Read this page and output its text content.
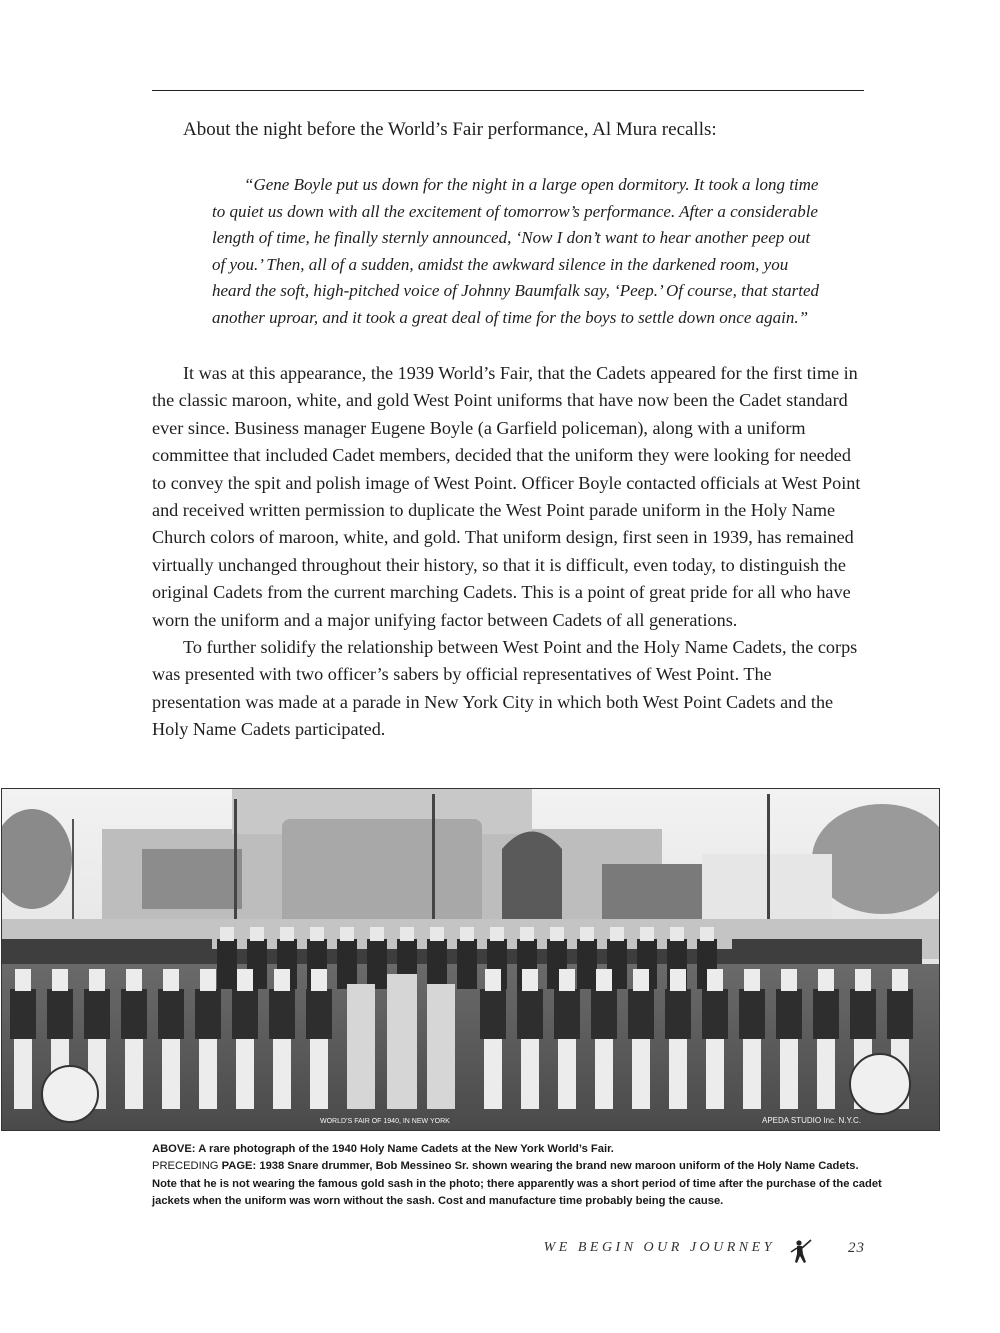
About the night before the World’s Fair performance, Al Mura recalls:

“Gene Boyle put us down for the night in a large open dormitory. It took a long time to quiet us down with all the excitement of tomorrow’s performance. After a considerable length of time, he finally sternly announced, ‘Now I don’t want to hear another peep out of you.’ Then, all of a sudden, amidst the awkward silence in the darkened room, you heard the soft, high-pitched voice of Johnny Baumfalk say, ‘Peep.’ Of course, that started another uproar, and it took a great deal of time for the boys to settle down once again.”

It was at this appearance, the 1939 World’s Fair, that the Cadets appeared for the first time in the classic maroon, white, and gold West Point uniforms that have now been the Cadet standard ever since. Business manager Eugene Boyle (a Garfield policeman), along with a uniform committee that included Cadet members, decided that the uniform they were looking for needed to convey the spit and polish image of West Point. Officer Boyle contacted officials at West Point and received written permission to duplicate the West Point parade uniform in the Holy Name Church colors of maroon, white, and gold. That uniform design, first seen in 1939, has remained virtually unchanged throughout their history, so that it is difficult, even today, to distinguish the original Cadets from the current marching Cadets. This is a point of great pride for all who have worn the uniform and a major unifying factor between Cadets of all generations.

To further solidify the relationship between West Point and the Holy Name Cadets, the corps was presented with two officer’s sabers by official representatives of West Point. The presentation was made at a parade in New York City in which both West Point Cadets and the Holy Name Cadets participated.

WORLD’S FAIR OF 1940, IN NEW YORK	APEDA STUDIO Inc. N.Y.C.

ABOVE: A rare photograph of the 1940 Holy Name Cadets at the New York World’s Fair.
PRECEDING PAGE: 1938 Snare drummer, Bob Messineo Sr. shown wearing the brand new maroon uniform of the Holy Name Cadets. Note that he is not wearing the famous gold sash in the photo; there apparently was a short period of time after the purchase of the cadet jackets when the uniform was worn without the sash. Cost and manufacture time probably being the cause.

WE BEGIN OUR JOURNEY	23
